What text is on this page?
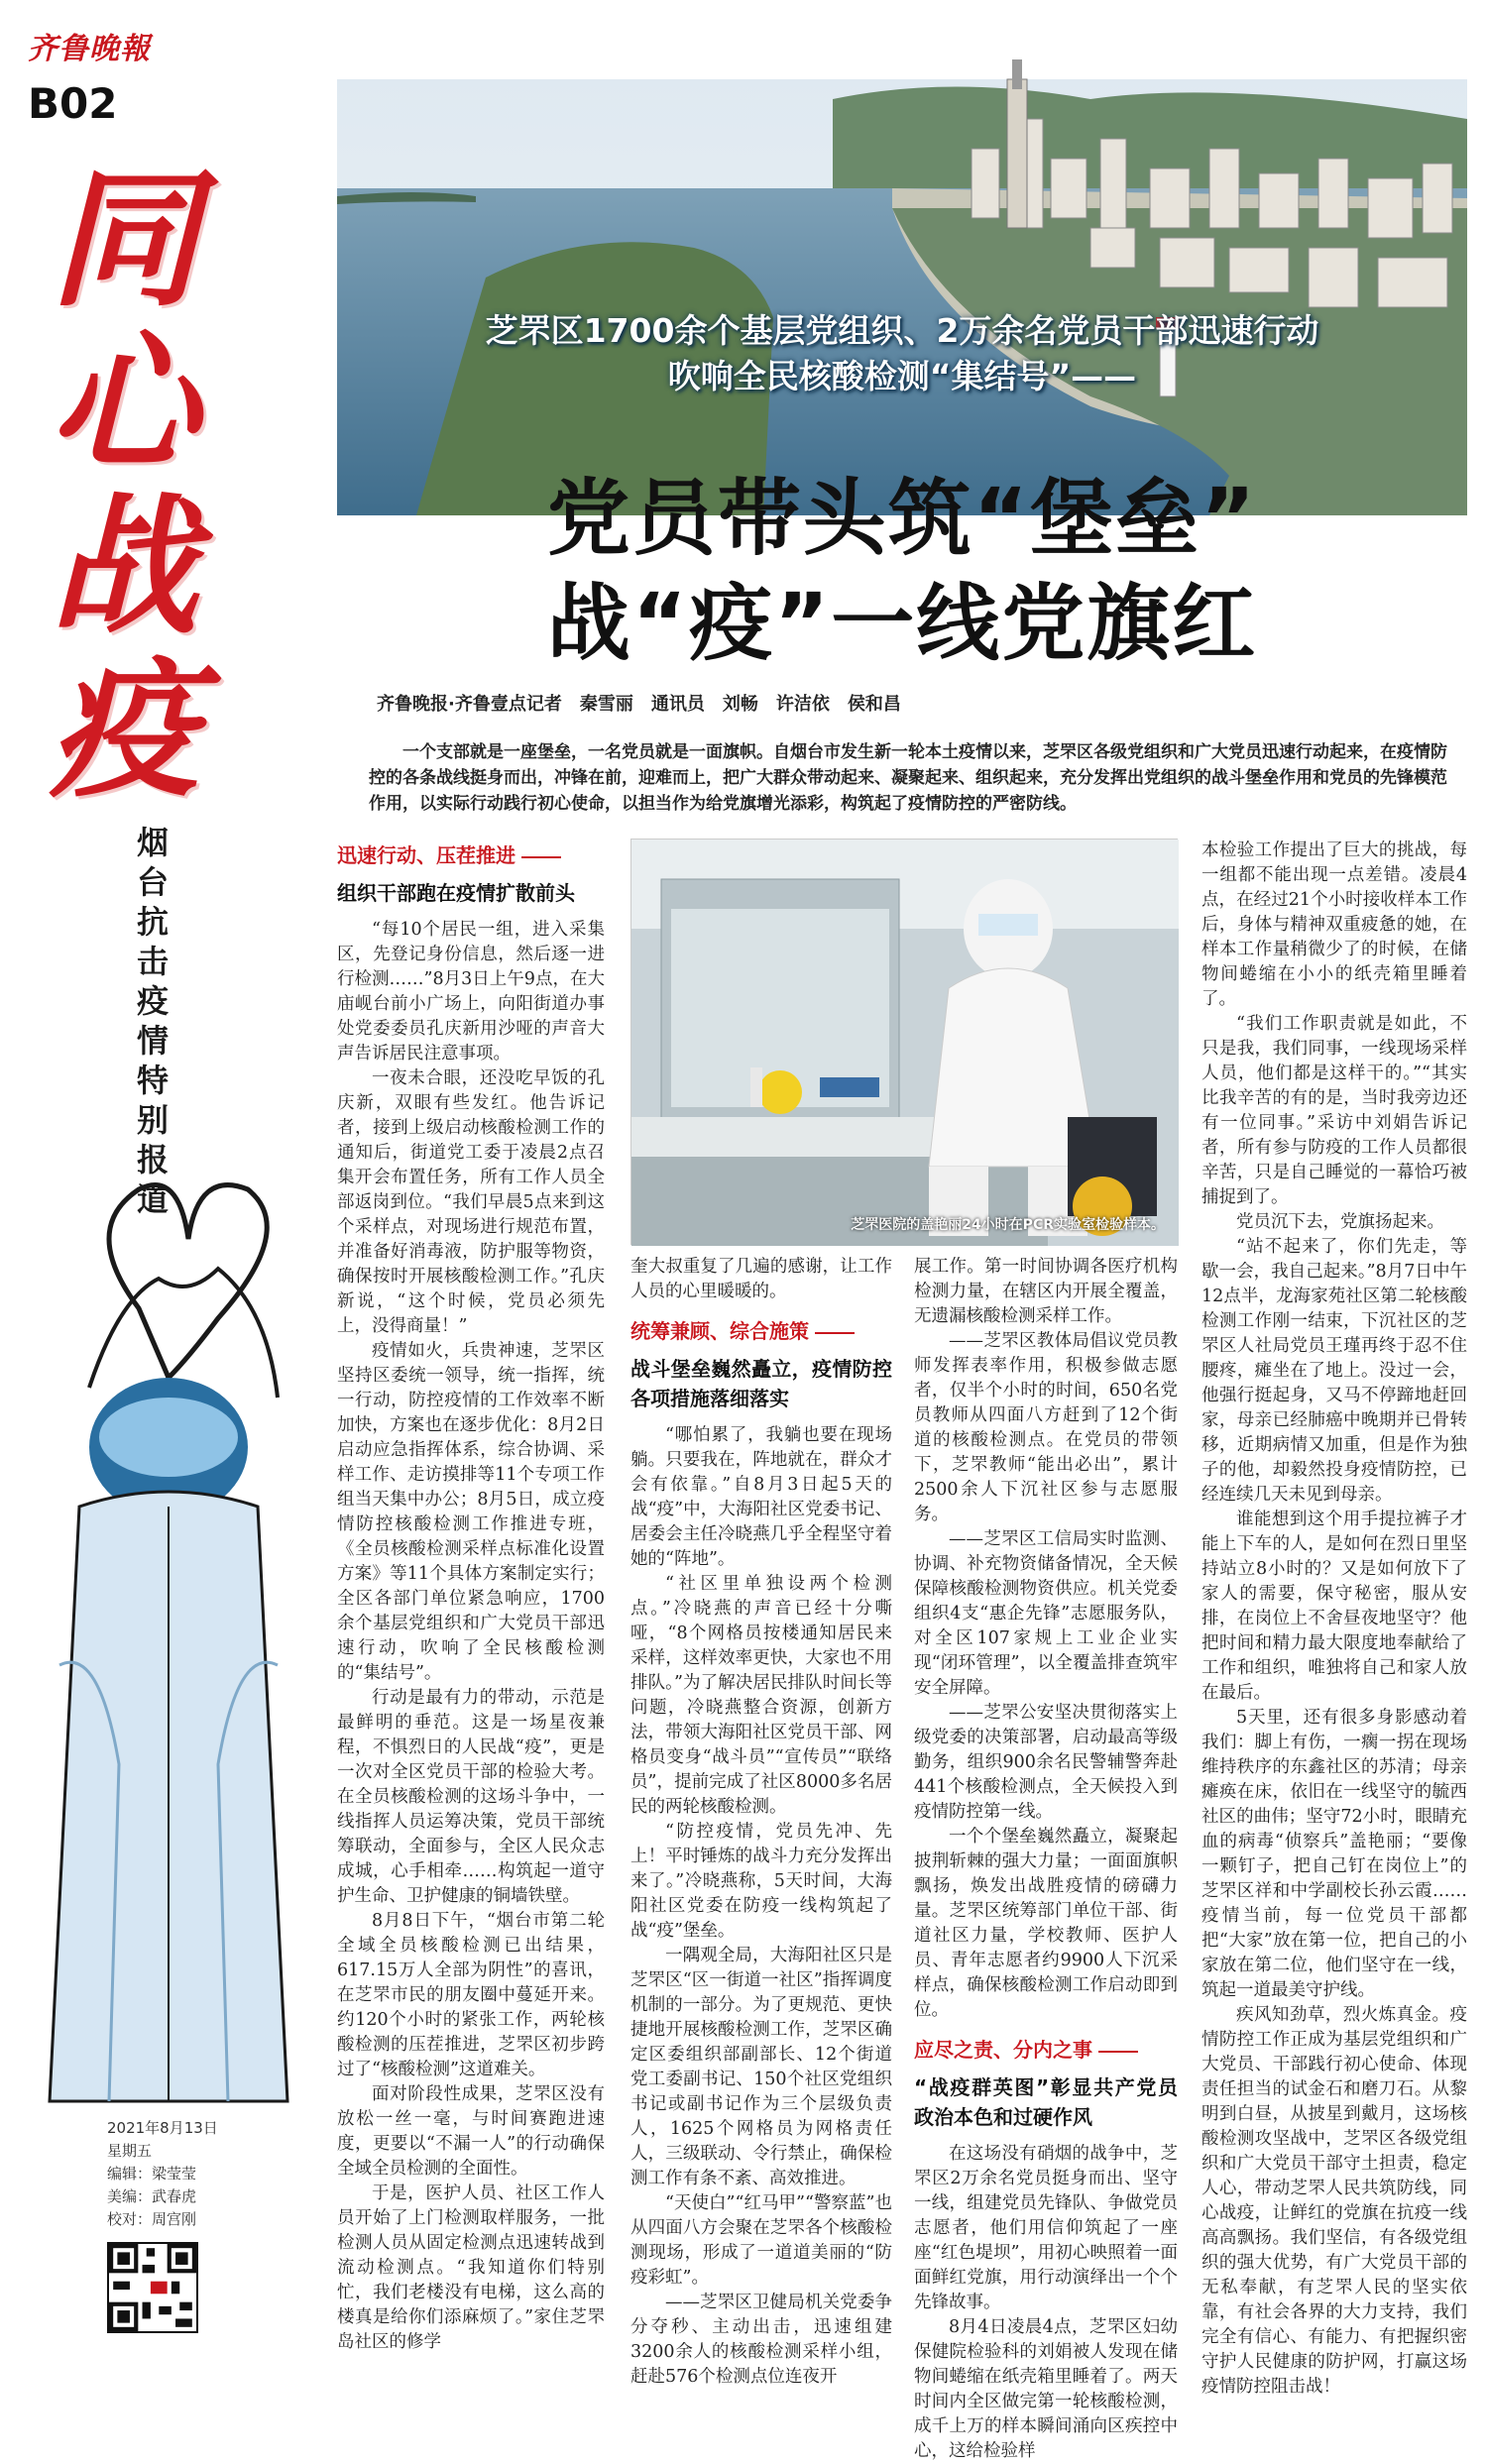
齐鲁晚報
B02
同
心
战
疫
烟台抗击疫情特别报道
2021年8月13日
星期五
编辑：梁莹莹
美编：武春虎
校对：周宫刚
芝罘区1700余个基层党组织、2万余名党员干部迅速行动
吹响全民核酸检测“集结号”——
党员带头筑“堡垒”
战“疫”一线党旗红
齐鲁晚报·齐鲁壹点记者　秦雪丽　通讯员　刘畅　许洁依　侯和昌
一个支部就是一座堡垒，一名党员就是一面旗帜。自烟台市发生新一轮本土疫情以来，芝罘区各级党组织和广大党员迅速行动起来，在疫情防控的各条战线挺身而出，冲锋在前，迎难而上，把广大群众带动起来、凝聚起来、组织起来，充分发挥出党组织的战斗堡垒作用和党员的先锋模范作用，以实际行动践行初心使命，以担当作为给党旗增光添彩，构筑起了疫情防控的严密防线。
迅速行动、压茬推进
组织干部跑在疫情扩散前头

“每10个居民一组，进入采集区，先登记身份信息，然后逐一进行检测……”8月3日上午9点，在大庙岘台前小广场上，向阳街道办事处党委委员孔庆新用沙哑的声音大声告诉居民注意事项。

一夜未合眼，还没吃早饭的孔庆新，双眼有些发红。他告诉记者，接到上级启动核酸检测工作的通知后，街道党工委于凌晨2点召集开会布置任务，所有工作人员全部返岗到位。“我们早晨5点来到这个采样点，对现场进行规范布置，并准备好消毒液，防护服等物资，确保按时开展核酸检测工作。”孔庆新说，“这个时候，党员必须先上，没得商量！”

疫情如火，兵贵神速，芝罘区坚持区委统一领导，统一指挥，统一行动，防控疫情的工作效率不断加快，方案也在逐步优化：8月2日启动应急指挥体系，综合协调、采样工作、走访摸排等11个专项工作组当天集中办公；8月5日，成立疫情防控核酸检测工作推进专班，《全员核酸检测采样点标准化设置方案》等11个具体方案制定实行；全区各部门单位紧急响应，1700余个基层党组织和广大党员干部迅速行动，吹响了全民核酸检测的“集结号”。

行动是最有力的带动，示范是最鲜明的垂范。这是一场星夜兼程，不惧烈日的人民战“疫”，更是一次对全区党员干部的检验大考。在全员核酸检测的这场斗争中，一线指挥人员运筹决策，党员干部统筹联动，全面参与，全区人民众志成城，心手相牵……构筑起一道守护生命、卫护健康的铜墙铁壁。

8月8日下午，“烟台市第二轮全域全员核酸检测已出结果，617.15万人全部为阴性”的喜讯，在芝罘市民的朋友圈中蔓延开来。约120个小时的紧张工作，两轮核酸检测的压茬推进，芝罘区初步跨过了“核酸检测”这道难关。

面对阶段性成果，芝罘区没有放松一丝一毫，与时间赛跑进速度，更要以“不漏一人”的行动确保全域全员检测的全面性。

于是，医护人员、社区工作人员开始了上门检测取样服务，一批检测人员从固定检测点迅速转战到流动检测点。“我知道你们特别忙，我们老楼没有电梯，这么高的楼真是给你们添麻烦了。”家住芝罘岛社区的修学

芝罘医院的盖艳丽24小时在PCR实验室检验样本。

奎大叔重复了几遍的感谢，让工作人员的心里暖暖的。

统筹兼顾、综合施策
战斗堡垒巍然矗立，疫情防控各项措施落细落实

“哪怕累了，我躺也要在现场躺。只要我在，阵地就在，群众才会有依靠。”自8月3日起5天的战“疫”中，大海阳社区党委书记、居委会主任冷晓燕几乎全程坚守着她的“阵地”。

“社区里单独设两个检测点。”冷晓燕的声音已经十分嘶哑，“8个网格员按楼通知居民来采样，这样效率更快，大家也不用排队。”为了解决居民排队时间长等问题，冷晓燕整合资源，创新方法，带领大海阳社区党员干部、网格员变身“战斗员”“宣传员”“联络员”，提前完成了社区8000多名居民的两轮核酸检测。

“防控疫情，党员先冲、先上！平时锤炼的战斗力充分发挥出来了。”冷晓燕称，5天时间，大海阳社区党委在防疫一线构筑起了战“疫”堡垒。

一隅观全局，大海阳社区只是芝罘区“区一街道一社区”指挥调度机制的一部分。为了更规范、更快捷地开展核酸检测工作，芝罘区确定区委组织部副部长、12个街道党工委副书记、150个社区党组织书记或副书记作为三个层级负责人，1625个网格员为网格责任人，三级联动、令行禁止，确保检测工作有条不紊、高效推进。

“天使白”“红马甲”“警察蓝”也从四面八方会聚在芝罘各个核酸检测现场，形成了一道道美丽的“防疫彩虹”。

——芝罘区卫健局机关党委争分夺秒、主动出击，迅速组建3200余人的核酸检测采样小组，赶赴576个检测点位连夜开

展工作。第一时间协调各医疗机构检测力量，在辖区内开展全覆盖，无遗漏核酸检测采样工作。

——芝罘区教体局倡议党员教师发挥表率作用，积极参做志愿者，仅半个小时的时间，650名党员教师从四面八方赶到了12个街道的核酸检测点。在党员的带领下，芝罘教师“能出必出”，累计2500余人下沉社区参与志愿服务。

——芝罘区工信局实时监测、协调、补充物资储备情况，全天候保障核酸检测物资供应。机关党委组织4支“惠企先锋”志愿服务队，对全区107家规上工业企业实现“闭环管理”，以全覆盖排查筑牢安全屏障。

——芝罘公安坚决贯彻落实上级党委的决策部署，启动最高等级勤务，组织900余名民警辅警奔赴441个核酸检测点，全天候投入到疫情防控第一线。

一个个堡垒巍然矗立，凝聚起披荆斩棘的强大力量；一面面旗帜飘扬，焕发出战胜疫情的磅礴力量。芝罘区统筹部门单位干部、街道社区力量，学校教师、医护人员、青年志愿者约9900人下沉采样点，确保核酸检测工作启动即到位。

应尽之责、分内之事
“战疫群英图”彰显共产党员政治本色和过硬作风

在这场没有硝烟的战争中，芝罘区2万余名党员挺身而出、坚守一线，组建党员先锋队、争做党员志愿者，他们用信仰筑起了一座座“红色堤坝”，用初心映照着一面面鲜红党旗，用行动演绎出一个个先锋故事。

8月4日凌晨4点，芝罘区妇幼保健院检验科的刘娟被人发现在储物间蜷缩在纸壳箱里睡着了。两天时间内全区做完第一轮核酸检测，成千上万的样本瞬间涌向区疾控中心，这给检验样

本检验工作提出了巨大的挑战，每一组都不能出现一点差错。凌晨4点，在经过21个小时接收样本工作后，身体与精神双重疲惫的她，在样本工作量稍微少了的时候，在储物间蜷缩在小小的纸壳箱里睡着了。

“我们工作职责就是如此，不只是我，我们同事，一线现场采样人员，他们都是这样干的。”“其实比我辛苦的有的是，当时我旁边还有一位同事。”采访中刘娟告诉记者，所有参与防疫的工作人员都很辛苦，只是自己睡觉的一幕恰巧被捕捉到了。

党员沉下去，党旗扬起来。

“站不起来了，你们先走，等歇一会，我自己起来。”8月7日中午12点半，龙海家苑社区第二轮核酸检测工作刚一结束，下沉社区的芝罘区人社局党员王瑾再终于忍不住腰疼，瘫坐在了地上。没过一会，他强行挺起身，又马不停蹄地赶回家，母亲已经肺癌中晚期并已骨转移，近期病情又加重，但是作为独子的他，却毅然投身疫情防控，已经连续几天未见到母亲。

谁能想到这个用手提拉裤子才能上下车的人，是如何在烈日里坚持站立8小时的？又是如何放下了家人的需要，保守秘密，服从安排，在岗位上不舍昼夜地坚守？他把时间和精力最大限度地奉献给了工作和组织，唯独将自己和家人放在最后。

5天里，还有很多身影感动着我们：脚上有伤，一瘸一拐在现场维持秩序的东鑫社区的苏清；母亲瘫痪在床，依旧在一线坚守的毓西社区的曲伟；坚守72小时，眼睛充血的病毒“侦察兵”盖艳丽；“要像一颗钉子，把自己钉在岗位上”的芝罘区祥和中学副校长孙云霞……疫情当前，每一位党员干部都把“大家”放在第一位，把自己的小家放在第二位，他们坚守在一线，筑起一道最美守护线。

疾风知劲草，烈火炼真金。疫情防控工作正成为基层党组织和广大党员、干部践行初心使命、体现责任担当的试金石和磨刀石。从黎明到白昼，从披星到戴月，这场核酸检测攻坚战中，芝罘区各级党组织和广大党员干部守土担责，稳定人心，带动芝罘人民共筑防线，同心战疫，让鲜红的党旗在抗疫一线高高飘扬。我们坚信，有各级党组织的强大优势，有广大党员干部的无私奉献，有芝罘人民的坚实依靠，有社会各界的大力支持，我们完全有信心、有能力、有把握织密守护人民健康的防护网，打赢这场疫情防控阻击战！
